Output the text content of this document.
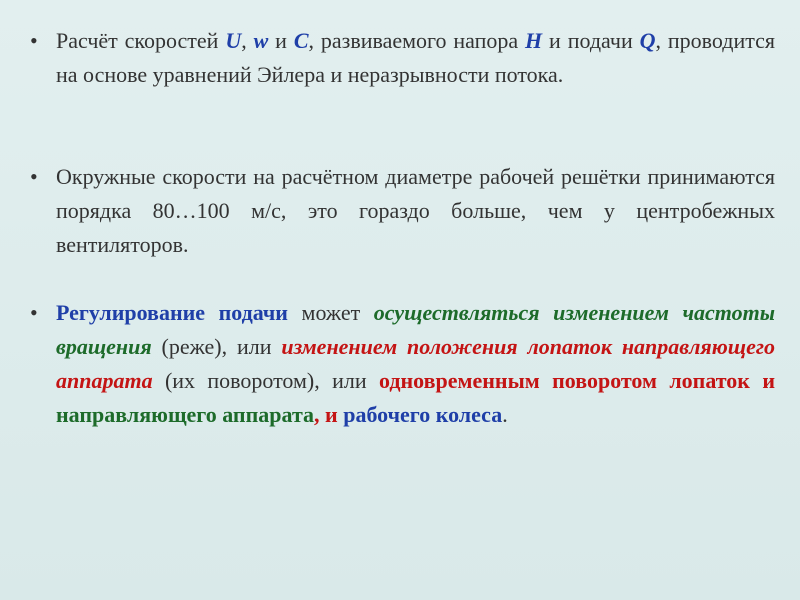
• Расчёт скоростей U, w и C, развиваемого напора H и подачи Q, проводится на основе уравнений Эйлера и неразрывности потока.
• Окружные скорости на расчётном диаметре рабочей решётки принимаются порядка 80…100 м/с, это гораздо больше, чем у центробежных вентиляторов.
• Регулирование подачи может осуществляться изменением частоты вращения (реже), или изменением положения лопаток направляющего аппарата (их поворотом), или одновременным поворотом лопаток и направляющего аппарата, и рабочего колеса.
